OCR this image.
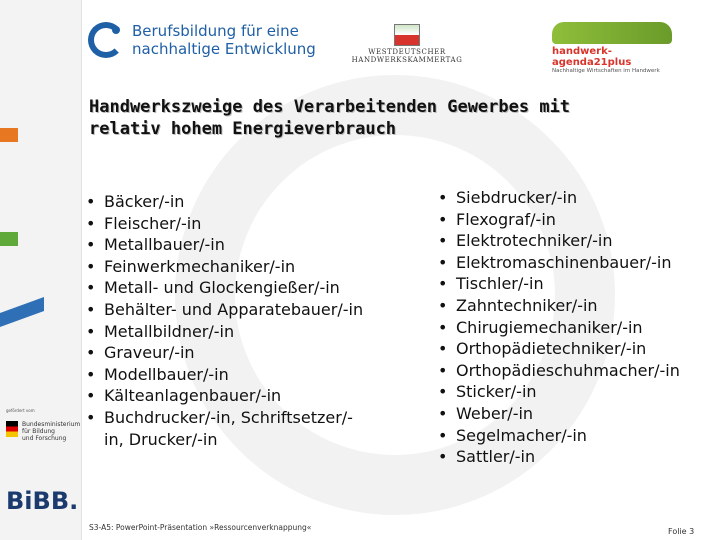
Berufsbildung für eine
nachhaltige Entwicklung	WESTDEUTSCHER HANDWERKSKAMMERTAG
handwerk-agenda21plus
Nachhaltige Wirtschaften im Handwerk
Handwerkszweige des Verarbeitenden Gewerbes mit
relativ hohem Energieverbrauch
• Bäcker/-in
• Fleischer/-in
• Metallbauer/-in
• Feinwerkmechaniker/-in
• Metall- und Glockengießer/-in
• Behälter- und Apparatebauer/-in
• Metallbildner/-in
• Graveur/-in
• Modellbauer/-in
• Kälteanlagenbauer/-in
• Buchdrucker/-in, Schriftsetzer/-
in, Drucker/-in
• Siebdrucker/-in
• Flexograf/-in
• Elektrotechniker/-in
• Elektromaschinenbauer/-in
• Tischler/-in
• Zahntechniker/-in
• Chirugiemechaniker/-in
• Orthopädietechniker/-in
• Orthopädieschuhmacher/-in
• Sticker/-in
• Weber/-in
• Segelmacher/-in
• Sattler/-in
gefördert vom
Bundesministerium
für Bildung
und Forschung
BiBB.
S3-A5: PowerPoint-Präsentation »Ressourcenverknappung«	Folie 3
